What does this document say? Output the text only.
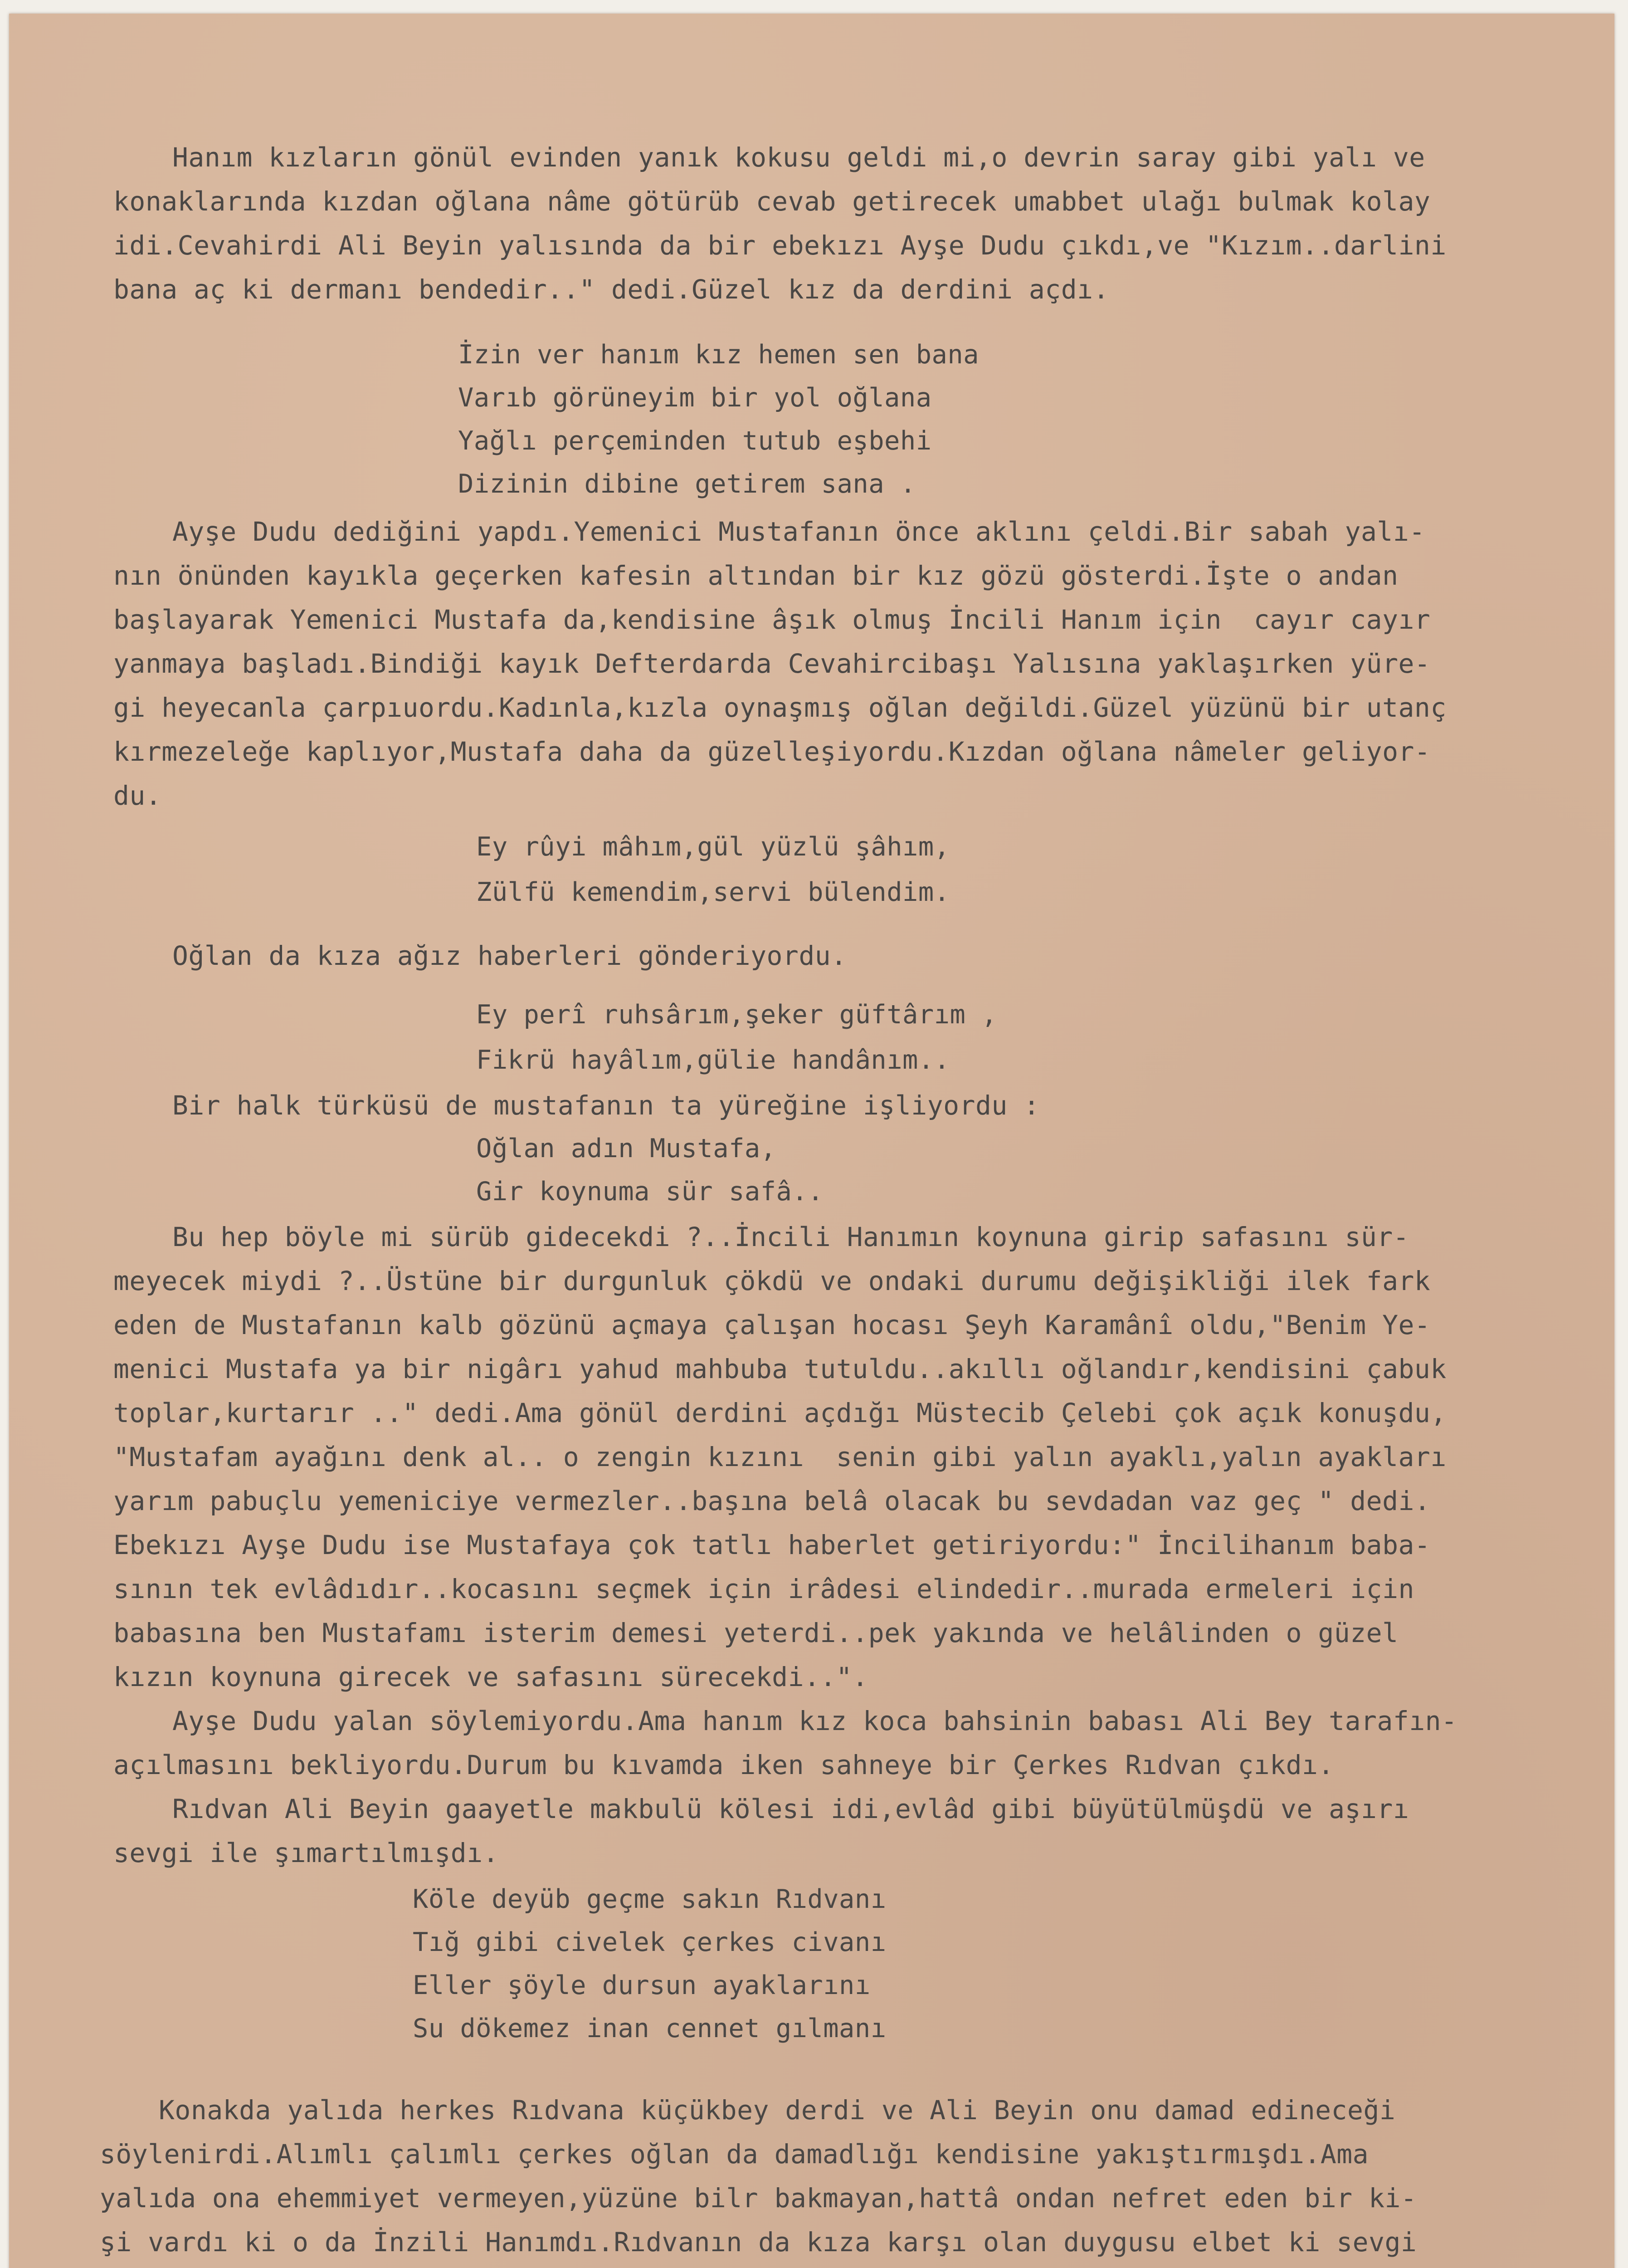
Hanım kızların gönül evinden yanık kokusu geldi mi,o devrin saray gibi yalı ve
konaklarında kızdan oğlana nâme götürüb cevab getirecek umabbet ulağı bulmak kolay
idi.Cevahirdi Ali Beyin yalısında da bir ebekızı Ayşe Dudu çıkdı,ve "Kızım..darlini
bana aç ki dermanı bendedir.." dedi.Güzel kız da derdini açdı.
İzin ver hanım kız hemen sen bana
Varıb görüneyim bir yol oğlana
Yağlı perçeminden tutub eşbehi
Dizinin dibine getirem sana .
Ayşe Dudu dediğini yapdı.Yemenici Mustafanın önce aklını çeldi.Bir sabah yalı-
nın önünden kayıkla geçerken kafesin altından bir kız gözü gösterdi.İşte o andan
başlayarak Yemenici Mustafa da,kendisine âşık olmuş İncili Hanım için  cayır cayır
yanmaya başladı.Bindiği kayık Defterdarda Cevahircibaşı Yalısına yaklaşırken yüre-
gi heyecanla çarpıuordu.Kadınla,kızla oynaşmış oğlan değildi.Güzel yüzünü bir utanç
kırmezeleğe kaplıyor,Mustafa daha da güzelleşiyordu.Kızdan oğlana nâmeler geliyor-
du.
Ey rûyi mâhım,gül yüzlü şâhım,
Zülfü kemendim,servi bülendim.
Oğlan da kıza ağız haberleri gönderiyordu.
Ey perî ruhsârım,şeker güftârım ,
Fikrü hayâlım,gülie handânım..
Bir halk türküsü de mustafanın ta yüreğine işliyordu :
Oğlan adın Mustafa,
Gir koynuma sür safâ..
Bu hep böyle mi sürüb gidecekdi ?..İncili Hanımın koynuna girip safasını sür-
meyecek miydi ?..Üstüne bir durgunluk çökdü ve ondaki durumu değişikliği ilek fark
eden de Mustafanın kalb gözünü açmaya çalışan hocası Şeyh Karamânî oldu,"Benim Ye-
menici Mustafa ya bir nigârı yahud mahbuba tutuldu..akıllı oğlandır,kendisini çabuk
toplar,kurtarır .." dedi.Ama gönül derdini açdığı Müstecib Çelebi çok açık konuşdu,
"Mustafam ayağını denk al.. o zengin kızını  senin gibi yalın ayaklı,yalın ayakları
yarım pabuçlu yemeniciye vermezler..başına belâ olacak bu sevdadan vaz geç " dedi.
Ebekızı Ayşe Dudu ise Mustafaya çok tatlı haberlet getiriyordu:" İncilihanım baba-
sının tek evlâdıdır..kocasını seçmek için irâdesi elindedir..murada ermeleri için
babasına ben Mustafamı isterim demesi yeterdi..pek yakında ve helâlinden o güzel
kızın koynuna girecek ve safasını sürecekdi..".
Ayşe Dudu yalan söylemiyordu.Ama hanım kız koca bahsinin babası Ali Bey tarafın-
açılmasını bekliyordu.Durum bu kıvamda iken sahneye bir Çerkes Rıdvan çıkdı.
Rıdvan Ali Beyin gaayetle makbulü kölesi idi,evlâd gibi büyütülmüşdü ve aşırı
sevgi ile şımartılmışdı.
Köle deyüb geçme sakın Rıdvanı
Tığ gibi civelek çerkes civanı
Eller şöyle dursun ayaklarını
Su dökemez inan cennet gılmanı
Konakda yalıda herkes Rıdvana küçükbey derdi ve Ali Beyin onu damad edineceği
söylenirdi.Alımlı çalımlı çerkes oğlan da damadlığı kendisine yakıştırmışdı.Ama
yalıda ona ehemmiyet vermeyen,yüzüne bilr bakmayan,hattâ ondan nefret eden bir ki-
şi vardı ki o da İnzili Hanımdı.Rıdvanın da kıza karşı olan duygusu elbet ki sevgi
